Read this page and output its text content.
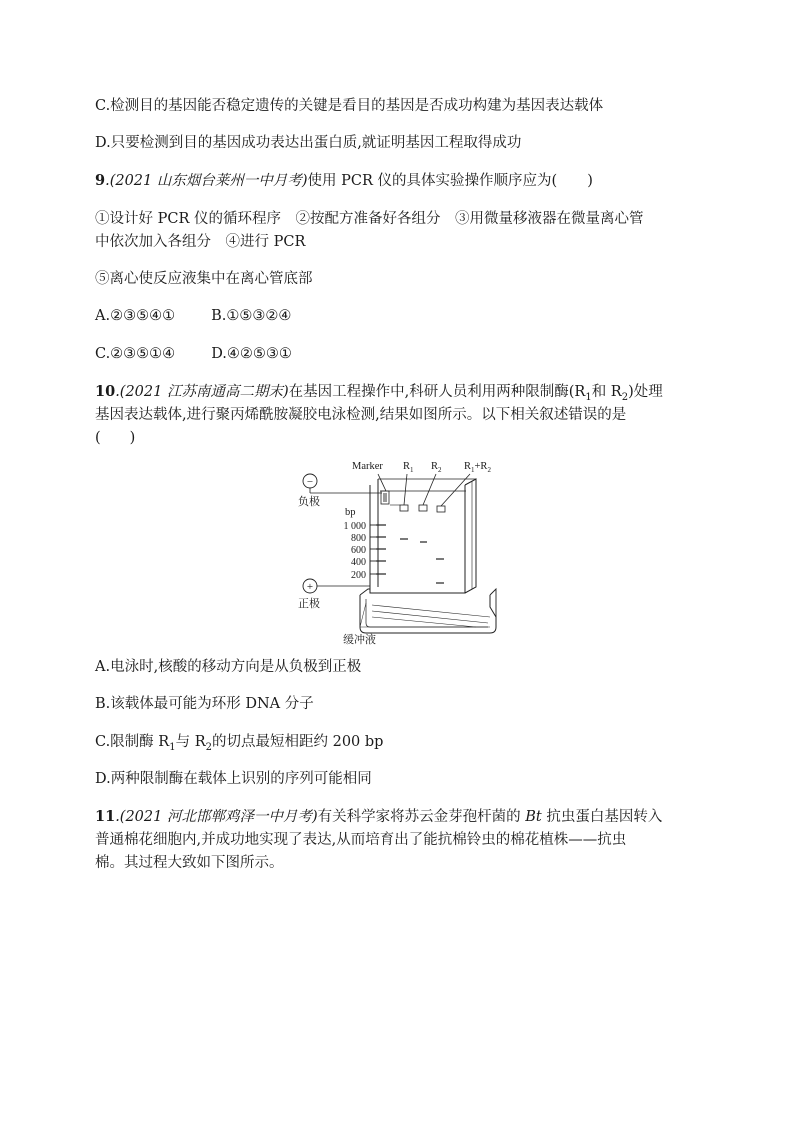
C.检测目的基因能否稳定遗传的关键是看目的基因是否成功构建为基因表达载体
D.只要检测到目的基因成功表达出蛋白质,就证明基因工程取得成功
9.(2021 山东烟台莱州一中月考)使用 PCR 仪的具体实验操作顺序应为( )
①设计好 PCR 仪的循环程序　②按配方准备好各组分　③用微量移液器在微量离心管
中依次加入各组分　④进行 PCR
⑤离心使反应液集中在离心管底部
A.②③⑤④① B.①⑤③②④
C.②③⑤①④ D.④②⑤③①
10.(2021 江苏南通高二期末)在基因工程操作中,科研人员利用两种限制酶($R_1$和 $R_2$)处理
基因表达载体,进行聚丙烯酰胺凝胶电泳检测,结果如图所示。以下相关叙述错误的是
(　　)
Marker $R_1$ $R_2$ $R_1+R_2$
−
负极
+
正极
bp
1 000
800
600
400
200
缓冲液
A.电泳时,核酸的移动方向是从负极到正极
B.该载体最可能为环形 DNA 分子
C.限制酶 $R_1$与 $R_2$的切点最短相距约 200 bp
D.两种限制酶在载体上识别的序列可能相同
11.(2021 河北邯郸鸡泽一中月考)有关科学家将苏云金芽孢杆菌的 Bt 抗虫蛋白基因转入
普通棉花细胞内,并成功地实现了表达,从而培育出了能抗棉铃虫的棉花植株——抗虫
棉。其过程大致如下图所示。
